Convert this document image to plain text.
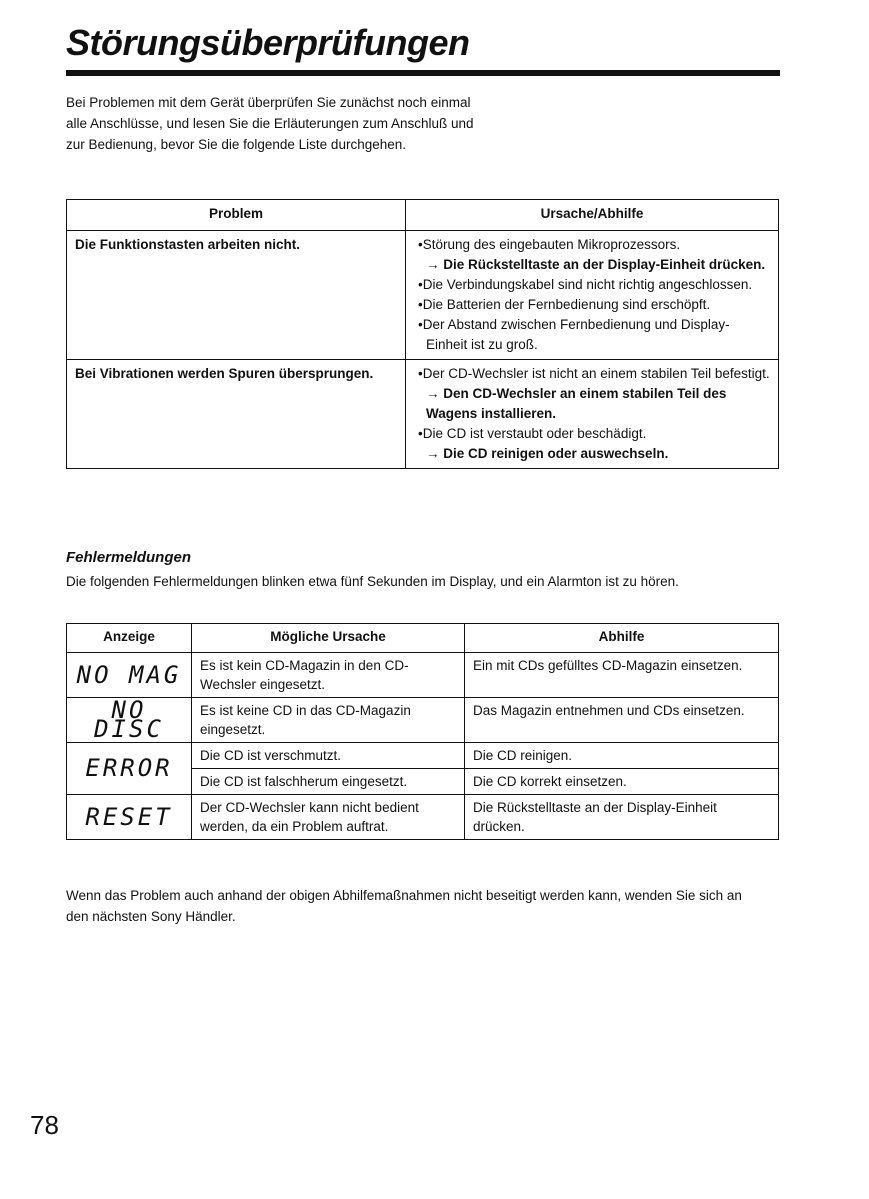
Störungsüberprüfungen
Bei Problemen mit dem Gerät überprüfen Sie zunächst noch einmal alle Anschlüsse, und lesen Sie die Erläuterungen zum Anschluß und zur Bedienung, bevor Sie die folgende Liste durchgehen.
Problem	Ursache/Abhilfe
Die Funktionstasten arbeiten nicht.	•Störung des eingebauten Mikroprozessors.
→ Die Rückstelltaste an der Display-Einheit drücken.
•Die Verbindungskabel sind nicht richtig angeschlossen.
•Die Batterien der Fernbedienung sind erschöpft.
•Der Abstand zwischen Fernbedienung und Display-Einheit ist zu groß.

Bei Vibrationen werden Spuren übersprungen.	•Der CD-Wechsler ist nicht an einem stabilen Teil befestigt.
→ Den CD-Wechsler an einem stabilen Teil des Wagens installieren.
•Die CD ist verstaubt oder beschädigt.
→ Die CD reinigen oder auswechseln.
Fehlermeldungen
Die folgenden Fehlermeldungen blinken etwa fünf Sekunden im Display, und ein Alarmton ist zu hören.
Anzeige	Mögliche Ursache	Abhilfe
NO MAG	Es ist kein CD-Magazin in den CD-Wechsler eingesetzt.	Ein mit CDs gefülltes CD-Magazin einsetzen.
NO DISC	Es ist keine CD in das CD-Magazin eingesetzt.	Das Magazin entnehmen und CDs einsetzen.
ERROR	Die CD ist verschmutzt.	Die CD reinigen.
	Die CD ist falschherum eingesetzt.	Die CD korrekt einsetzen.
RESET	Der CD-Wechsler kann nicht bedient werden, da ein Problem auftrat.	Die Rückstelltaste an der Display-Einheit drücken.
Wenn das Problem auch anhand der obigen Abhilfemaßnahmen nicht beseitigt werden kann, wenden Sie sich an den nächsten Sony Händler.
78
